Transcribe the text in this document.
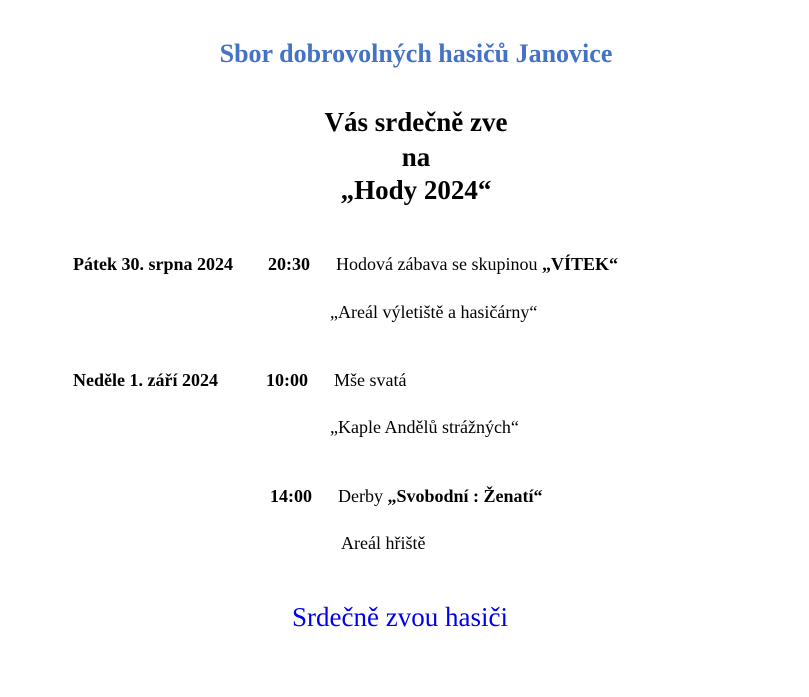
Sbor dobrovolných hasičů Janovice
Vás srdečně zve
na
„Hody 2024“
Pátek 30. srpna 2024 20:30 Hodová zábava se skupinou „VÍTEK“
„Areál výletiště a hasičárny“
Neděle 1. září 2024	10:00 Mše svatá
„Kaple Andělů strážných“
14:00 Derby „Svobodní : Ženatí“
Areál hřiště
Srdečně zvou hasiči
